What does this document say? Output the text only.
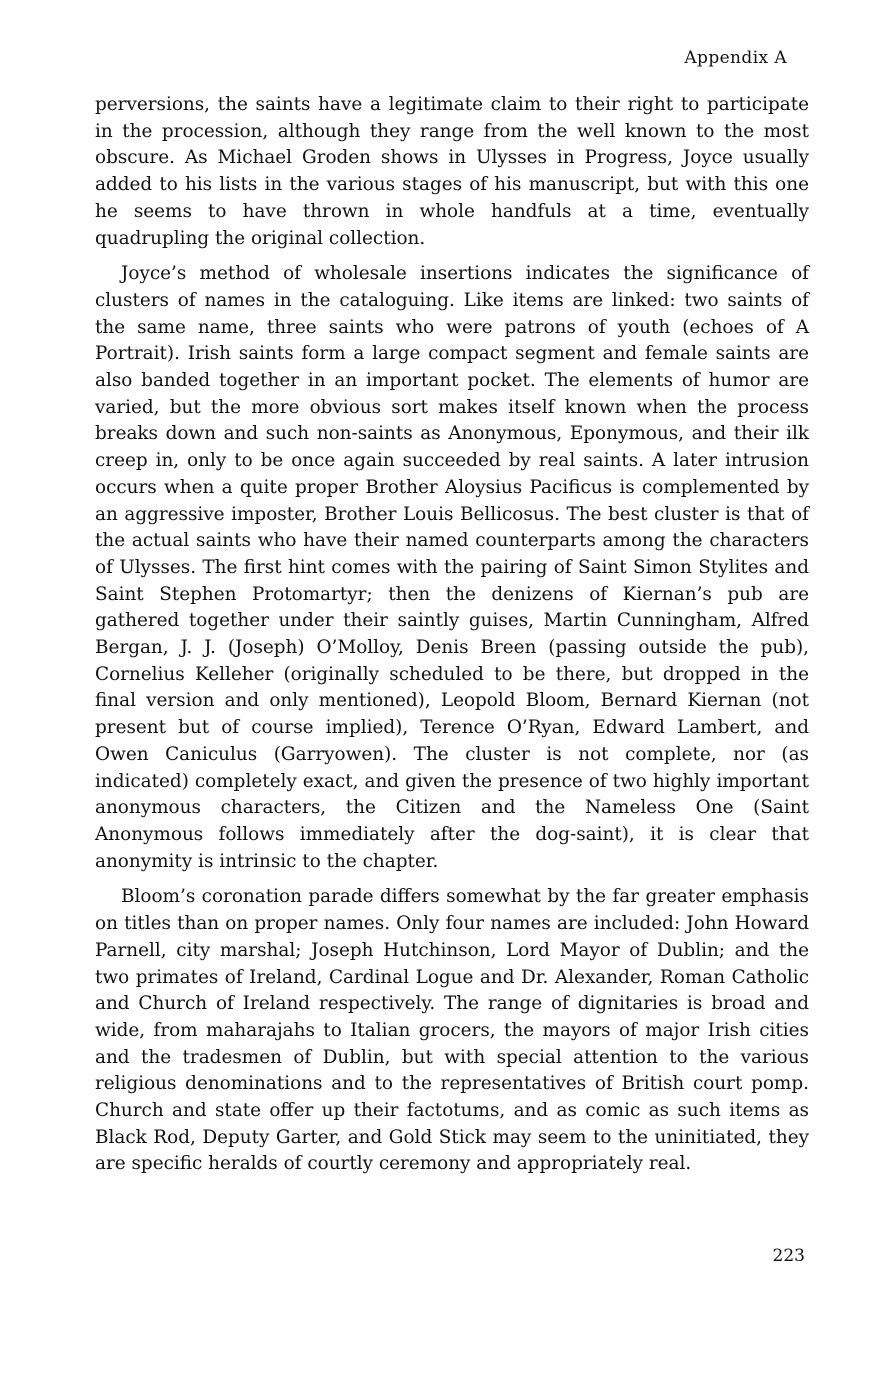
Appendix A

perversions, the saints have a legitimate claim to their right to participate in the procession, although they range from the well known to the most obscure. As Michael Groden shows in Ulysses in Progress, Joyce usually added to his lists in the various stages of his manuscript, but with this one he seems to have thrown in whole handfuls at a time, eventually quadrupling the original collection.

Joyce’s method of wholesale insertions indicates the significance of clusters of names in the cataloguing. Like items are linked: two saints of the same name, three saints who were patrons of youth (echoes of A Portrait). Irish saints form a large compact segment and female saints are also banded together in an important pocket. The elements of humor are varied, but the more obvious sort makes itself known when the process breaks down and such non-saints as Anonymous, Eponymous, and their ilk creep in, only to be once again succeeded by real saints. A later intrusion occurs when a quite proper Brother Aloysius Pacificus is complemented by an aggressive imposter, Brother Louis Bellicosus. The best cluster is that of the actual saints who have their named counterparts among the characters of Ulysses. The first hint comes with the pairing of Saint Simon Stylites and Saint Stephen Protomartyr; then the denizens of Kiernan’s pub are gathered together under their saintly guises, Martin Cunningham, Alfred Bergan, J. J. (Joseph) O’Molloy, Denis Breen (passing outside the pub), Cornelius Kelleher (originally scheduled to be there, but dropped in the final version and only mentioned), Leopold Bloom, Bernard Kiernan (not present but of course implied), Terence O’Ryan, Edward Lambert, and Owen Caniculus (Garryowen). The cluster is not complete, nor (as indicated) completely exact, and given the presence of two highly important anonymous characters, the Citizen and the Nameless One (Saint Anonymous follows immediately after the dog-saint), it is clear that anonymity is intrinsic to the chapter.

Bloom’s coronation parade differs somewhat by the far greater emphasis on titles than on proper names. Only four names are included: John Howard Parnell, city marshal; Joseph Hutchinson, Lord Mayor of Dublin; and the two primates of Ireland, Cardinal Logue and Dr. Alexander, Roman Catholic and Church of Ireland respectively. The range of dignitaries is broad and wide, from maharajahs to Italian grocers, the mayors of major Irish cities and the tradesmen of Dublin, but with special attention to the various religious denominations and to the representatives of British court pomp. Church and state offer up their factotums, and as comic as such items as Black Rod, Deputy Garter, and Gold Stick may seem to the uninitiated, they are specific heralds of courtly ceremony and appropriately real.

223
